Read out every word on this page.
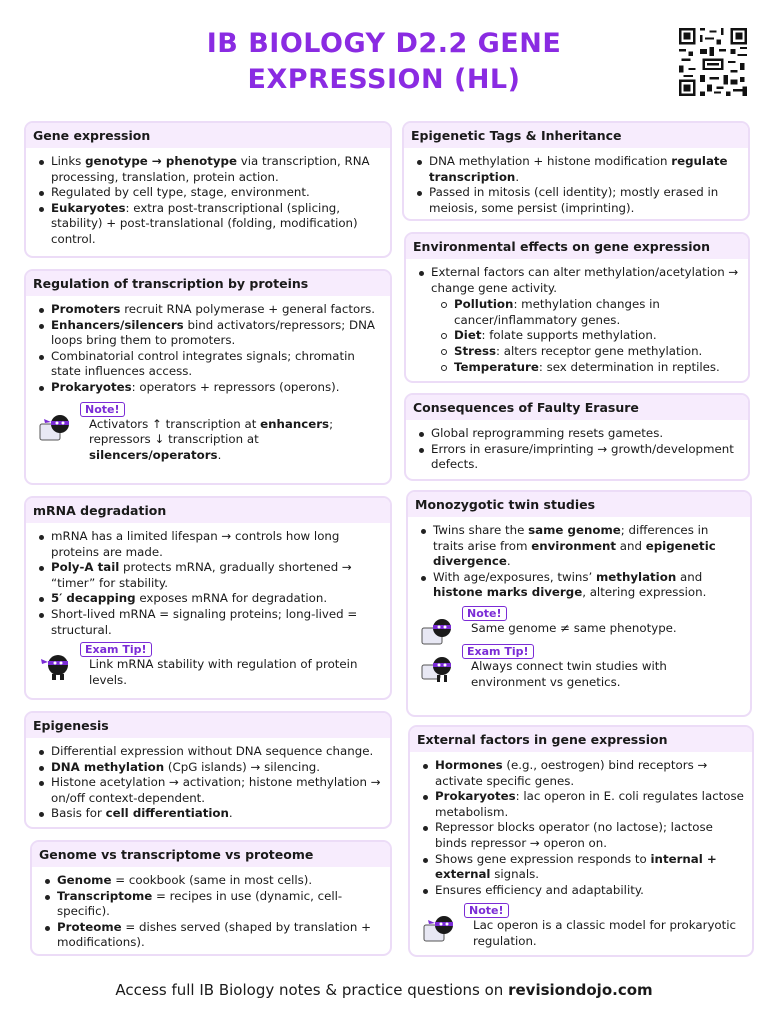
IB BIOLOGY D2.2 GENE
EXPRESSION (HL)
Gene expression
Links genotype → phenotype via transcription, RNA processing, translation, protein action.
Regulated by cell type, stage, environment.
Eukaryotes: extra post-transcriptional (splicing, stability) + post-translational (folding, modification) control.
Regulation of transcription by proteins
Promoters recruit RNA polymerase + general factors.
Enhancers/silencers bind activators/repressors; DNA loops bring them to promoters.
Combinatorial control integrates signals; chromatin state influences access.
Prokaryotes: operators + repressors (operons).
Note!
Activators ↑ transcription at enhancers; repressors ↓ transcription at silencers/operators.
mRNA degradation
mRNA has a limited lifespan → controls how long proteins are made.
Poly-A tail protects mRNA, gradually shortened → “timer” for stability.
5′ decapping exposes mRNA for degradation.
Short-lived mRNA = signaling proteins; long-lived = structural.
Exam Tip!
Link mRNA stability with regulation of protein levels.
Epigenesis
Differential expression without DNA sequence change.
DNA methylation (CpG islands) → silencing.
Histone acetylation → activation; histone methylation → on/off context-dependent.
Basis for cell differentiation.
Genome vs transcriptome vs proteome
Genome = cookbook (same in most cells).
Transcriptome = recipes in use (dynamic, cell-specific).
Proteome = dishes served (shaped by translation + modifications).
Epigenetic Tags & Inheritance
DNA methylation + histone modification regulate transcription.
Passed in mitosis (cell identity); mostly erased in meiosis, some persist (imprinting).
Environmental effects on gene expression
External factors can alter methylation/acetylation → change gene activity.
Pollution: methylation changes in cancer/inflammatory genes.
Diet: folate supports methylation.
Stress: alters receptor gene methylation.
Temperature: sex determination in reptiles.
Consequences of Faulty Erasure
Global reprogramming resets gametes.
Errors in erasure/imprinting → growth/development defects.
Monozygotic twin studies
Twins share the same genome; differences in traits arise from environment and epigenetic divergence.
With age/exposures, twins’ methylation and histone marks diverge, altering expression.
Note!
Same genome ≠ same phenotype.
Exam Tip!
Always connect twin studies with environment vs genetics.
External factors in gene expression
Hormones (e.g., oestrogen) bind receptors → activate specific genes.
Prokaryotes: lac operon in E. coli regulates lactose metabolism.
Repressor blocks operator (no lactose); lactose binds repressor → operon on.
Shows gene expression responds to internal + external signals.
Ensures efficiency and adaptability.
Note!
Lac operon is a classic model for prokaryotic regulation.
Access full IB Biology notes & practice questions on revisiondojo.com
